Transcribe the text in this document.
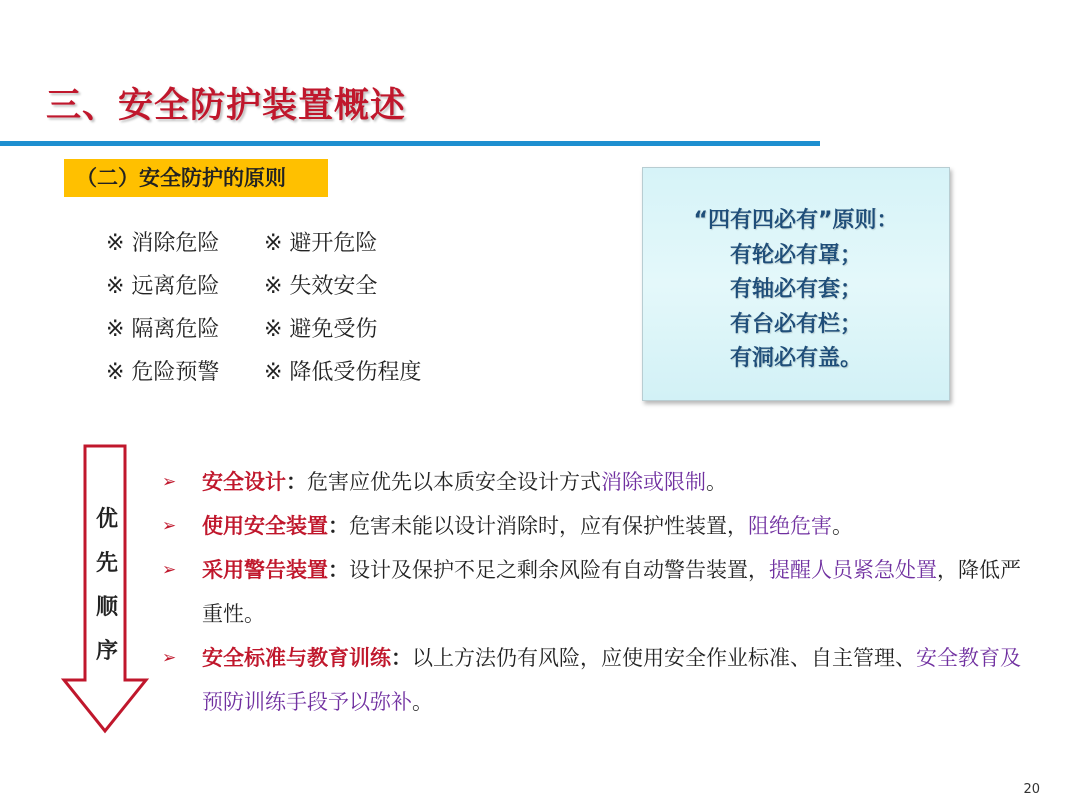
三、安全防护装置概述
（二）安全防护的原则
※ 消除危险 ※ 避开危险
※ 远离危险 ※ 失效安全
※ 隔离危险 ※ 避免受伤
※ 危险预警 ※ 降低受伤程度
“四有四必有”原则：
有轮必有罩；
有轴必有套；
有台必有栏；
有洞必有盖。
优
先
顺
序
➢ 安全设计：危害应优先以本质安全设计方式消除或限制。
➢ 使用安全装置：危害未能以设计消除时，应有保护性装置，阻绝危害。
➢ 采用警告装置：设计及保护不足之剩余风险有自动警告装置，提醒人员紧急处置，降低严重性。
➢ 安全标准与教育训练：以上方法仍有风险，应使用安全作业标准、自主管理、安全教育及预防训练手段予以弥补。
20
